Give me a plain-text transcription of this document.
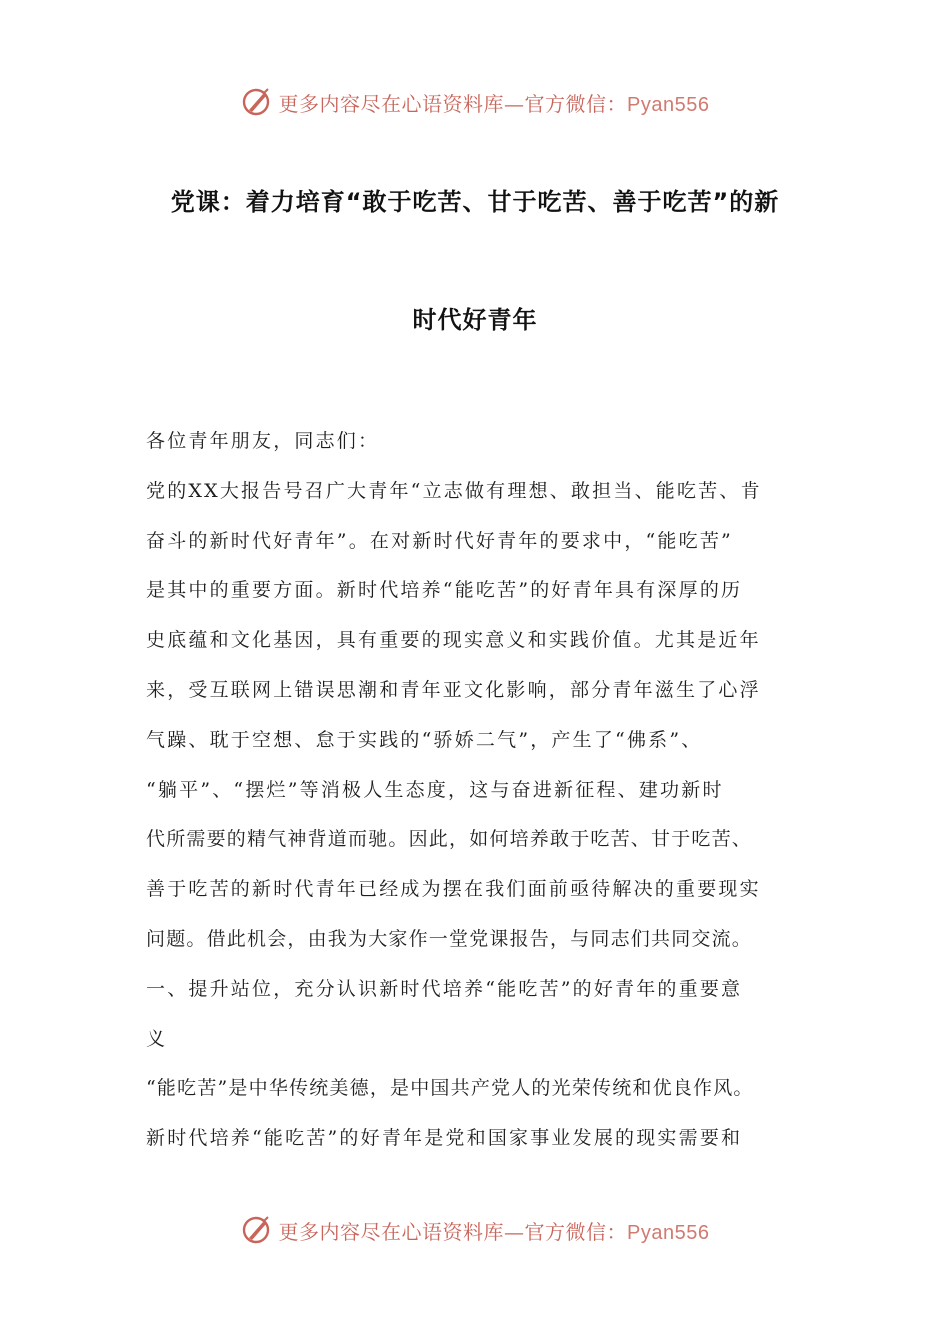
更多内容尽在心语资料库—官方微信：Pyan556
党课：着力培育“敢于吃苦、甘于吃苦、善于吃苦”的新
时代好青年
各位青年朋友，同志们：
党的XX大报告号召广大青年“立志做有理想、敢担当、能吃苦、肯
奋斗的新时代好青年”。在对新时代好青年的要求中，“能吃苦”
是其中的重要方面。新时代培养“能吃苦”的好青年具有深厚的历
史底蕴和文化基因，具有重要的现实意义和实践价值。尤其是近年
来，受互联网上错误思潮和青年亚文化影响，部分青年滋生了心浮
气躁、耽于空想、怠于实践的“骄娇二气”，产生了“佛系”、
“躺平”、“摆烂”等消极人生态度，这与奋进新征程、建功新时
代所需要的精气神背道而驰。因此，如何培养敢于吃苦、甘于吃苦、
善于吃苦的新时代青年已经成为摆在我们面前亟待解决的重要现实
问题。借此机会，由我为大家作一堂党课报告，与同志们共同交流。
一、提升站位，充分认识新时代培养“能吃苦”的好青年的重要意
义
“能吃苦”是中华传统美德，是中国共产党人的光荣传统和优良作风。
新时代培养“能吃苦”的好青年是党和国家事业发展的现实需要和
更多内容尽在心语资料库—官方微信：Pyan556
